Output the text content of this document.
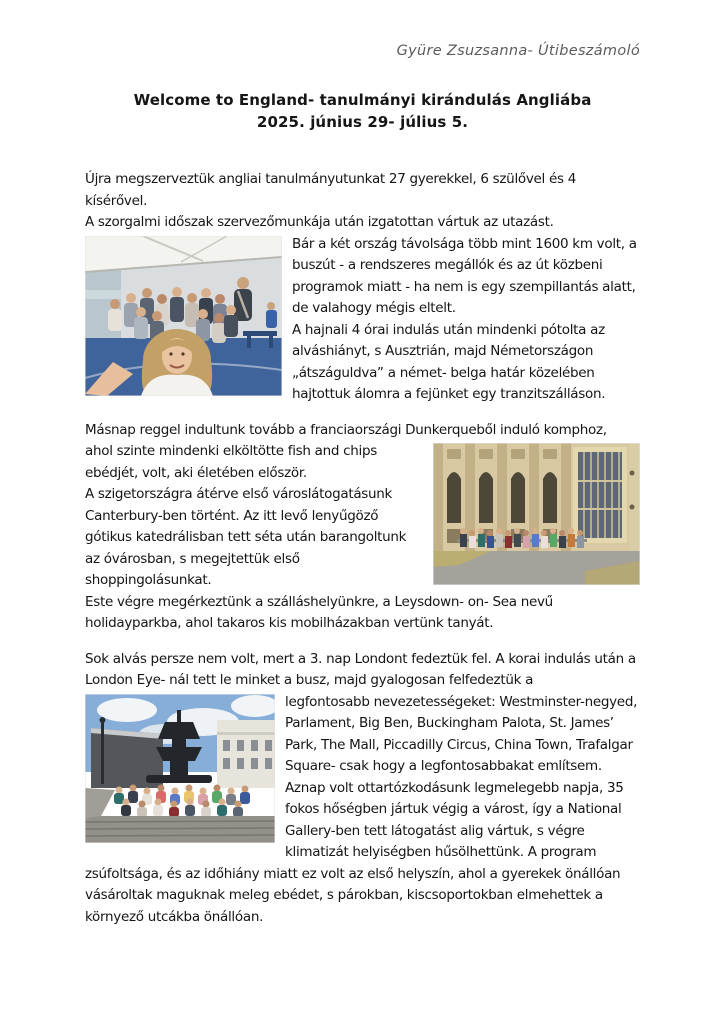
Gyüre Zsuzsanna- Útibeszámoló
Welcome to England- tanulmányi kirándulás Angliába
2025. június 29- július 5.

Újra megszerveztük angliai tanulmányutunkat 27 gyerekkel, 6 szülővel és 4 kísérővel.

A szorgalmi időszak szervezőmunkája után izgatottan vártuk az utazást.

Bár a két ország távolsága több mint 1600 km volt, a buszút - a rendszeres megállók és az út közbeni programok miatt - ha nem is egy szempillantás alatt, de valahogy mégis eltelt.

A hajnali 4 órai indulás után mindenki pótolta az alváshiányt, s Ausztrián, majd Németországon „átszáguldva” a német- belga határ közelében hajtottuk álomra a fejünket egy tranzitszálláson.

Másnap reggel indultunk tovább a franciaországi Dunkerqueből induló komphoz,

ahol szinte mindenki elköltötte fish and chips ebédjét, volt, aki életében először.

A szigetországra átérve első városlátogatásunk Canterbury-ben történt. Az itt levő lenyűgöző gótikus katedrálisban tett séta után barangoltunk az óvárosban, s megejtettük első shoppingolásunkat.

Este végre megérkeztünk a szálláshelyünkre, a Leysdown- on- Sea nevű holidayparkba, ahol takaros kis mobilházakban vertünk tanyát.

Sok alvás persze nem volt, mert a 3. nap Londont fedeztük fel. A korai indulás után a London Eye- nál tett le minket a busz, majd gyalogosan felfedeztük a

legfontosabb nevezetességeket: Westminster-negyed, Parlament, Big Ben, Buckingham Palota, St. James’ Park, The Mall, Piccadilly Circus, China Town, Trafalgar Square- csak hogy a legfontosabbakat említsem. Aznap volt ottartózkodásunk legmelegebb napja, 35 fokos hőségben jártuk végig a várost, így a National Gallery-ben tett látogatást alig vártuk, s végre klimatizát helyiségben hűsölhettünk. A program zsúfoltsága, és az időhiány miatt ez volt az első helyszín, ahol a gyerekek önállóan vásároltak maguknak meleg ebédet, s párokban, kiscsoportokban elmehettek a környező utcákba önállóan.
